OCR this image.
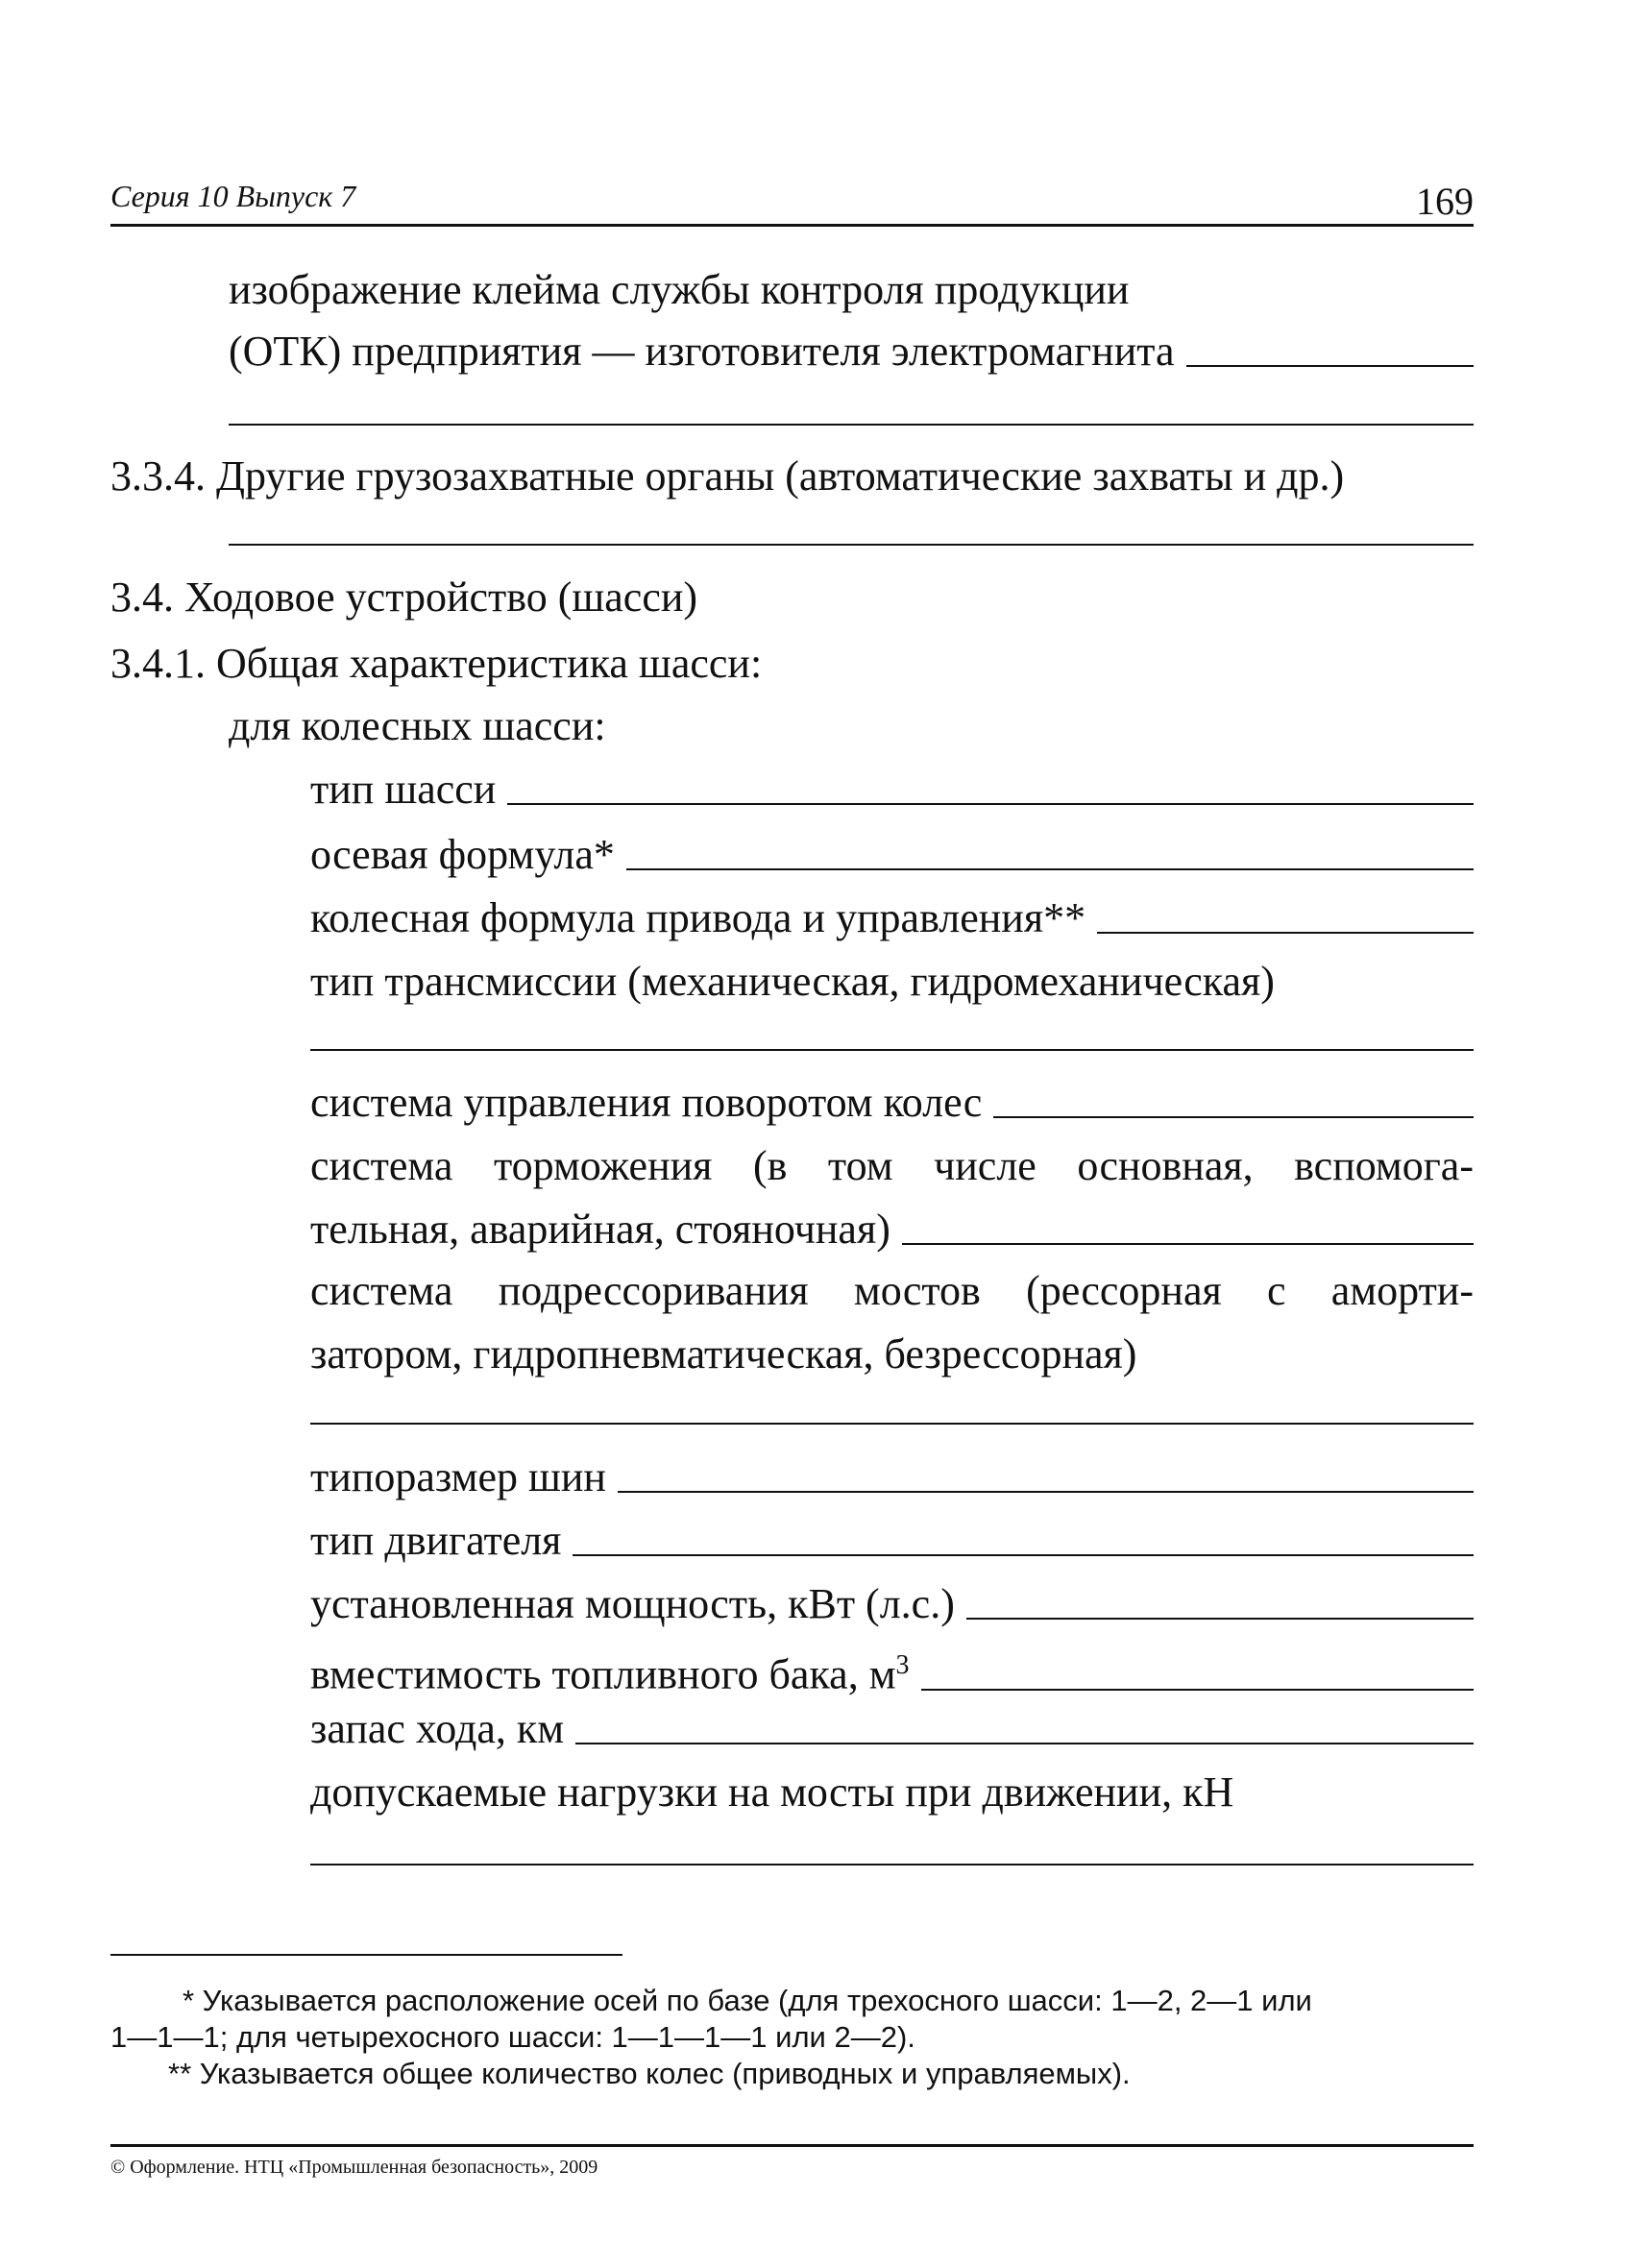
Серия 10 Выпуск 7	169
изображение клейма службы контроля продукции
(ОТК) предприятия — изготовителя электромагнита
3.3.4. Другие грузозахватные органы (автоматические захваты и др.)
3.4. Ходовое устройство (шасси)
3.4.1. Общая характеристика шасси:
для колесных шасси:
тип шасси
осевая формула*
колесная формула привода и управления**
тип трансмиссии (механическая, гидромеханическая)
система управления поворотом колес
система торможения (в том числе основная, вспомога-
тельная, аварийная, стояночная)
система подрессоривания мостов (рессорная с аморти-
затором, гидропневматическая, безрессорная)
типоразмер шин
тип двигателя
установленная мощность, кВт (л.с.)
вместимость топливного бака, $м^3$
запас хода, км
допускаемые нагрузки на мосты при движении, кН
* Указывается расположение осей по базе (для трехосного шасси: 1—2, 2—1 или
1—1—1; для четырехосного шасси: 1—1—1—1 или 2—2).
** Указывается общее количество колес (приводных и управляемых).
© Оформление. НТЦ «Промышленная безопасность», 2009
